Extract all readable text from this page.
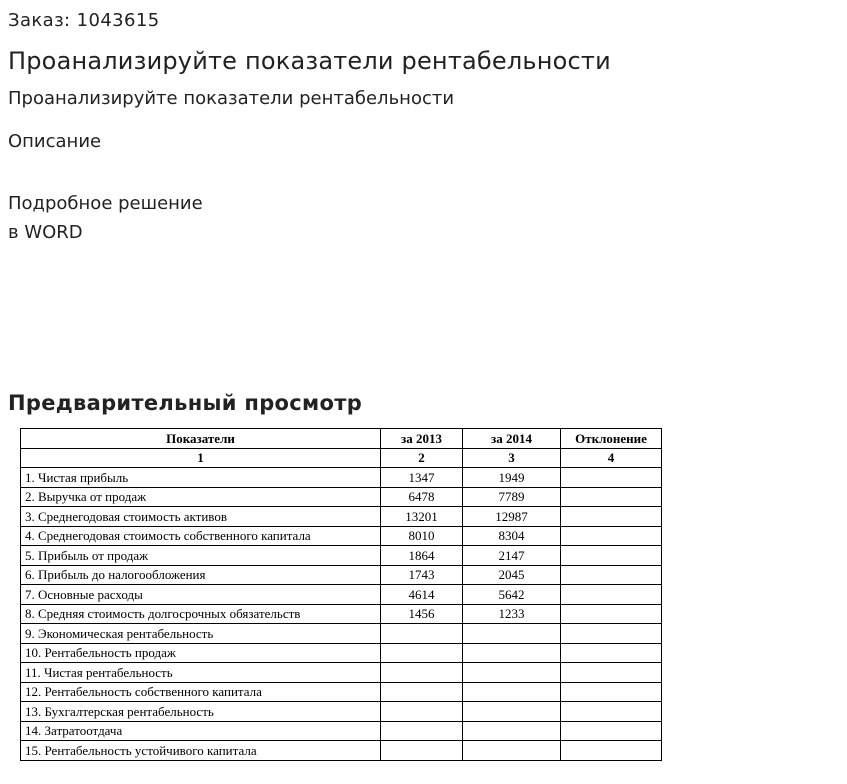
Заказ: 1043615
Проанализируйте показатели рентабельности
Проанализируйте показатели рентабельности
Описание
Подробное решение
в WORD
Предварительный просмотр
Показатели	за 2013	за 2014	Отклонение
1	2	3	4
1. Чистая прибыль	1347	1949	
2. Выручка от продаж	6478	7789	
3. Среднегодовая стоимость активов	13201	12987	
4. Среднегодовая стоимость собственного капитала	8010	8304	
5. Прибыль от продаж	1864	2147	
6. Прибыль до налогообложения	1743	2045	
7. Основные расходы	4614	5642	
8. Средняя стоимость долгосрочных обязательств	1456	1233	
9. Экономическая рентабельность			
10. Рентабельность продаж			
11. Чистая рентабельность			
12. Рентабельность собственного капитала			
13. Бухгалтерская рентабельность			
14. Затратоотдача			
15. Рентабельность устойчивого капитала			
